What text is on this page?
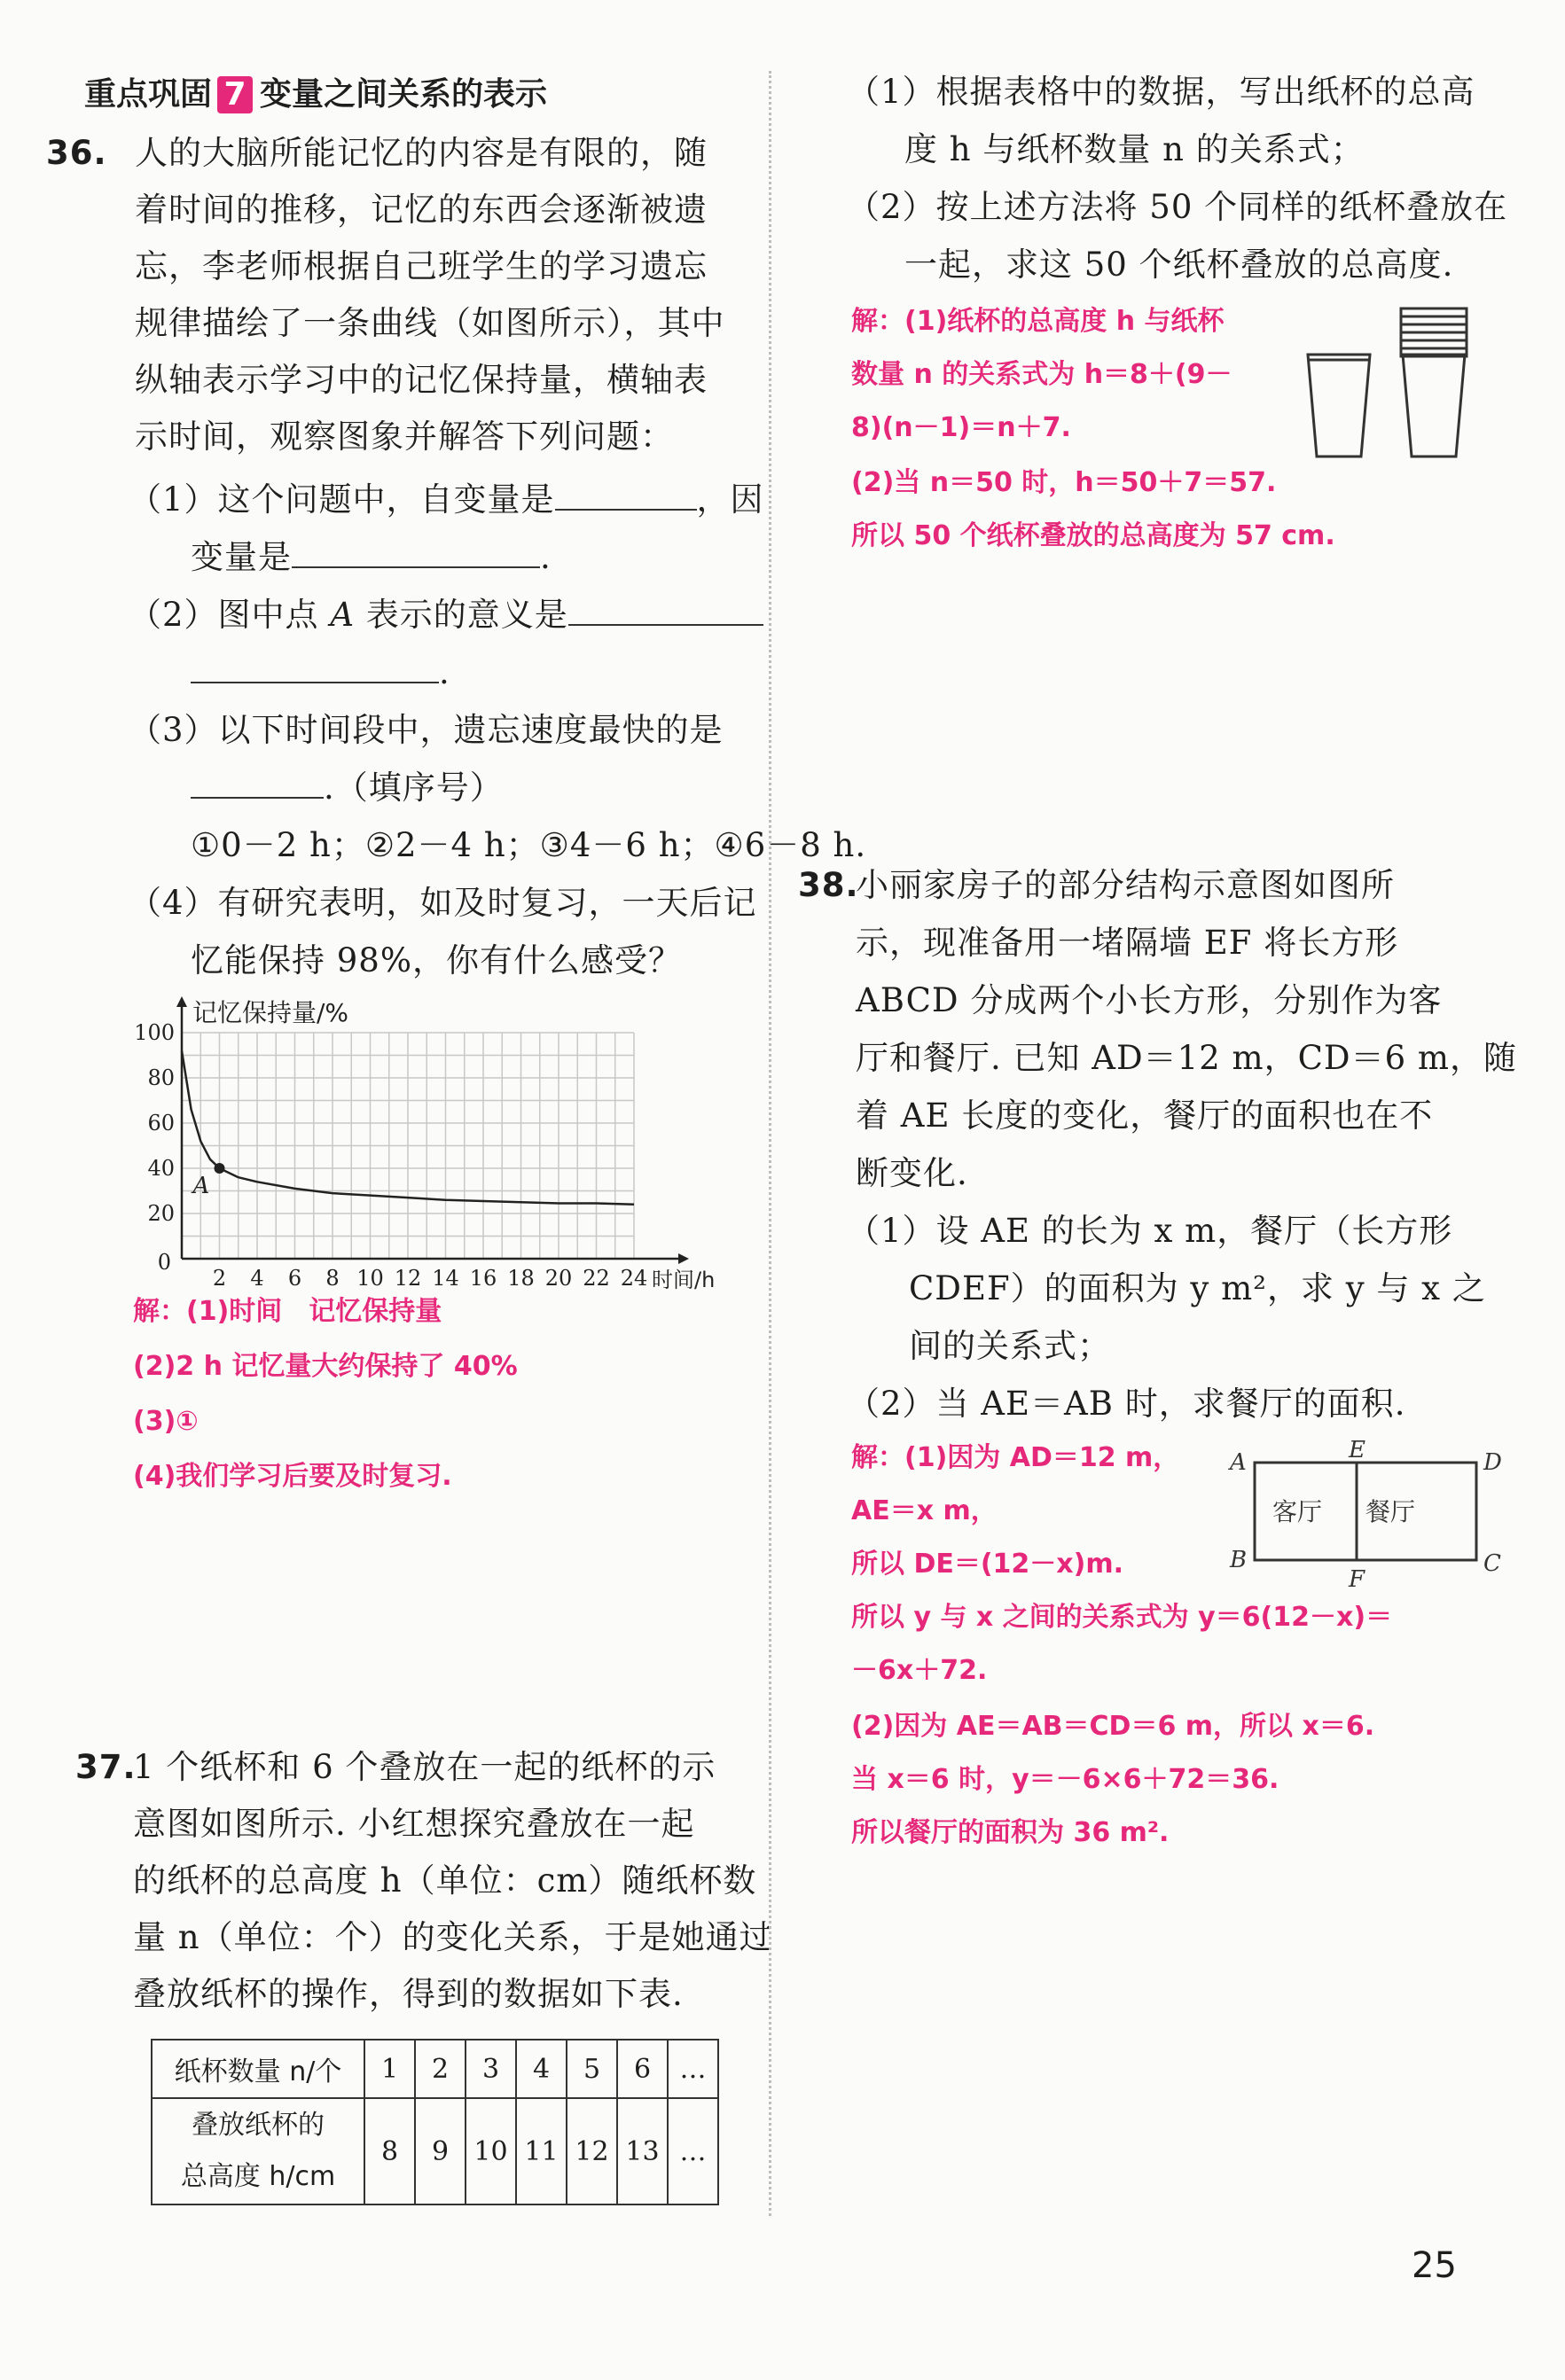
重点巩固 7 变量之间关系的表示
36. 人的大脑所能记忆的内容是有限的，随
着时间的推移，记忆的东西会逐渐被遗
忘，李老师根据自己班学生的学习遗忘
规律描绘了一条曲线（如图所示），其中
纵轴表示学习中的记忆保持量，横轴表
示时间，观察图象并解答下列问题：
（1）这个问题中，自变量是	，因
变量是	.
（2）图中点 A 表示的意义是
.
（3）以下时间段中，遗忘速度最快的是
.（填序号）
①0－2 h；②2－4 h；③4－6 h；④6－8 h.
（4）有研究表明，如及时复习，一天后记
忆能保持 98%，你有什么感受？
2 4 6 8 10 12 14 16 18 20 22 24
20
40
60
80
100
0
记忆保持量/%
时间/h
A
解：(1)时间　记忆保持量
(2)2 h 记忆量大约保持了 40%
(3)①
(4)我们学习后要及时复习.
37.
1 个纸杯和 6 个叠放在一起的纸杯的示
意图如图所示. 小红想探究叠放在一起
的纸杯的总高度 h（单位：cm）随纸杯数
量 n（单位：个）的变化关系，于是她通过
叠放纸杯的操作，得到的数据如下表.
纸杯数量 n/个	1	2	3	4	5	6	…

叠放纸杯的
总高度 h/cm	8	9	10	11	12	13	…
（1）根据表格中的数据，写出纸杯的总高
度 h 与纸杯数量 n 的关系式；
（2）按上述方法将 50 个同样的纸杯叠放在
一起，求这 50 个纸杯叠放的总高度.
解：(1)纸杯的总高度 h 与纸杯
数量 n 的关系式为 h＝8＋(9－
8)(n－1)＝n＋7.
(2)当 n＝50 时，h＝50＋7＝57.
所以 50 个纸杯叠放的总高度为 57 cm.
38.
小丽家房子的部分结构示意图如图所
示，现准备用一堵隔墙 EF 将长方形
ABCD 分成两个小长方形，分别作为客
厅和餐厅. 已知 AD＝12 m，CD＝6 m，随
着 AE 长度的变化，餐厅的面积也在不
断变化.
（1）设 AE 的长为 x m，餐厅（长方形
CDEF）的面积为 y m²，求 y 与 x 之
间的关系式；
（2）当 AE＝AB 时，求餐厅的面积.
解：(1)因为 AD＝12 m，
AE＝x m，
所以 DE＝(12－x)m.
所以 y 与 x 之间的关系式为 y＝6(12－x)＝
－6x＋72.
(2)因为 AE＝AB＝CD＝6 m，所以 x＝6.
当 x＝6 时，y＝－6×6＋72＝36.
所以餐厅的面积为 36 m².
A
B	C
D
E
F
客厅 餐厅
25
